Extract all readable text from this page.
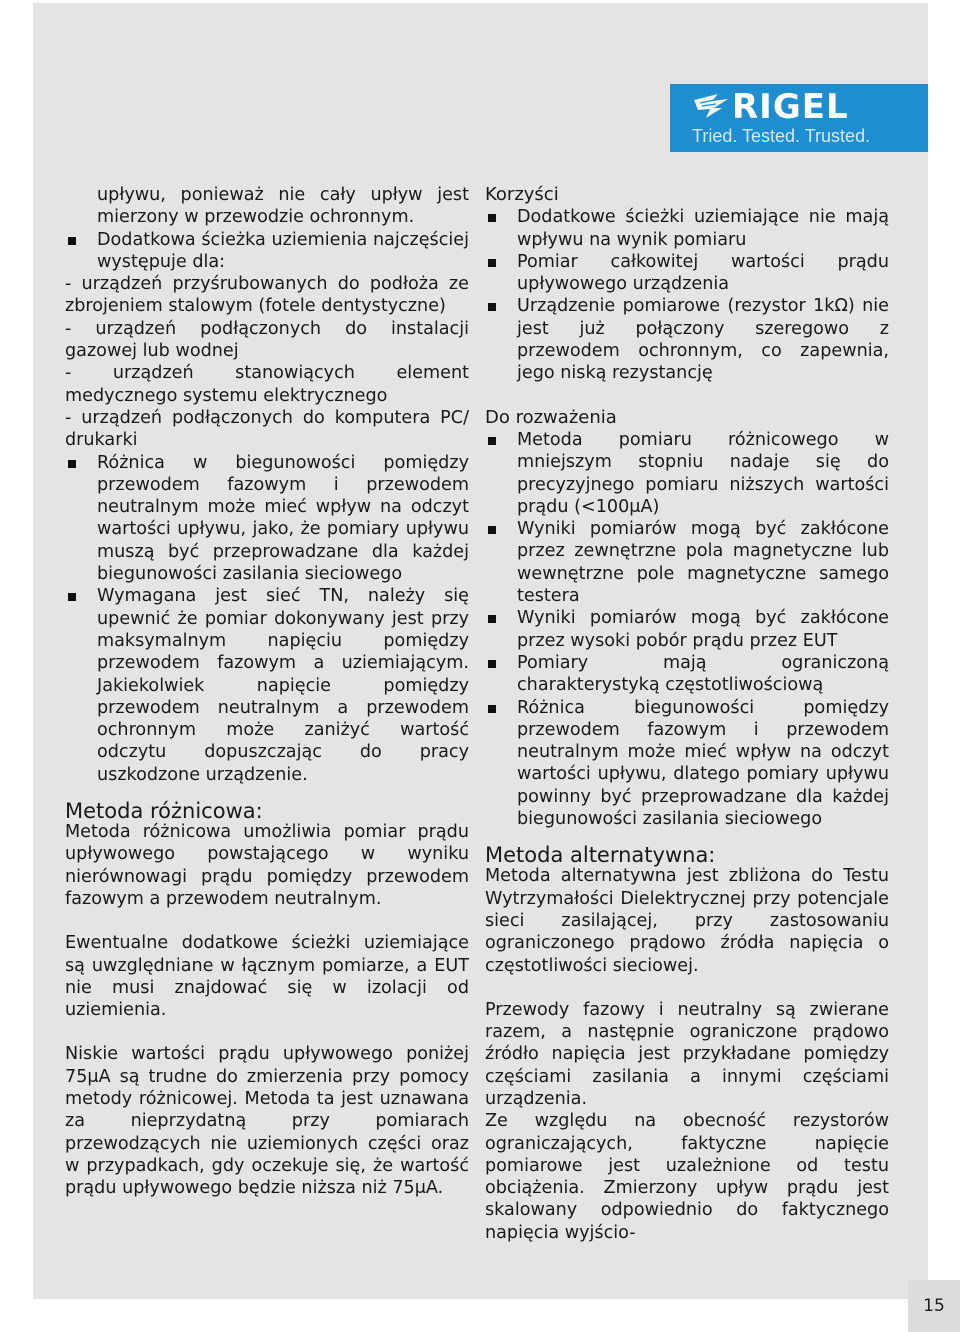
RIGEL
Tried. Tested. Trusted.
upływu, ponieważ nie cały upływ jest mierzony w przewodzie ochronnym.
Dodatkowa ścieżka uziemienia najczęściej występuje dla:
- urządzeń przyśrubowanych do podłoża ze zbrojeniem stalowym (fotele dentystyczne)
- urządzeń podłączonych do instalacji gazowej lub wodnej
- urządzeń stanowiących element medycznego systemu elektrycznego
- urządzeń podłączonych do komputera PC/ drukarki
Różnica w biegunowości pomiędzy przewodem fazowym i przewodem neutralnym może mieć wpływ na odczyt wartości upływu, jako, że pomiary upływu muszą być przeprowadzane dla każdej biegunowości zasilania sieciowego
Wymagana jest sieć TN, należy się upewnić że pomiar dokonywany jest przy maksymalnym napięciu pomiędzy przewodem fazowym a uziemiającym. Jakiekolwiek napięcie pomiędzy przewodem neutralnym a przewodem ochronnym może zaniżyć wartość odczytu dopuszczając do pracy uszkodzone urządzenie.
Metoda różnicowa:
Metoda różnicowa umożliwia pomiar prądu upływowego powstającego w wyniku nierównowagi prądu pomiędzy przewodem fazowym a przewodem neutralnym.
Ewentualne dodatkowe ścieżki uziemiające są uwzględniane w łącznym pomiarze, a EUT nie musi znajdować się w izolacji od uziemienia.
Niskie wartości prądu upływowego poniżej 75μA są trudne do zmierzenia przy pomocy metody różnicowej. Metoda ta jest uznawana za nieprzydatną przy pomiarach przewodzących nie uziemionych części oraz w przypadkach, gdy oczekuje się, że wartość prądu upływowego będzie niższa niż 75μA.
Korzyści
Dodatkowe ścieżki uziemiające nie mają wpływu na wynik pomiaru
Pomiar całkowitej wartości prądu upływowego urządzenia
Urządzenie pomiarowe (rezystor 1kΩ) nie jest już połączony szeregowo z przewodem ochronnym, co zapewnia, jego niską rezystancję
Do rozważenia
Metoda pomiaru różnicowego w mniejszym stopniu nadaje się do precyzyjnego pomiaru niższych wartości prądu (<100μA)
Wyniki pomiarów mogą być zakłócone przez zewnętrzne pola magnetyczne lub wewnętrzne pole magnetyczne samego testera
Wyniki pomiarów mogą być zakłócone przez wysoki pobór prądu przez EUT
Pomiary mają ograniczoną charakterystyką częstotliwościową
Różnica biegunowości pomiędzy przewodem fazowym i przewodem neutralnym może mieć wpływ na odczyt wartości upływu, dlatego pomiary upływu powinny być przeprowadzane dla każdej biegunowości zasilania sieciowego
Metoda alternatywna:
Metoda alternatywna jest zbliżona do Testu Wytrzymałości Dielektrycznej przy potencjale sieci zasilającej, przy zastosowaniu ograniczonego prądowo źródła napięcia o częstotliwości sieciowej.
Przewody fazowy i neutralny są zwierane razem, a następnie ograniczone prądowo źródło napięcia jest przykładane pomiędzy częściami zasilania a innymi częściami urządzenia.
Ze względu na obecność rezystorów ograniczających, faktyczne napięcie pomiarowe jest uzależnione od testu obciążenia. Zmierzony upływ prądu jest skalowany odpowiednio do faktycznego napięcia wyjścio-
15
